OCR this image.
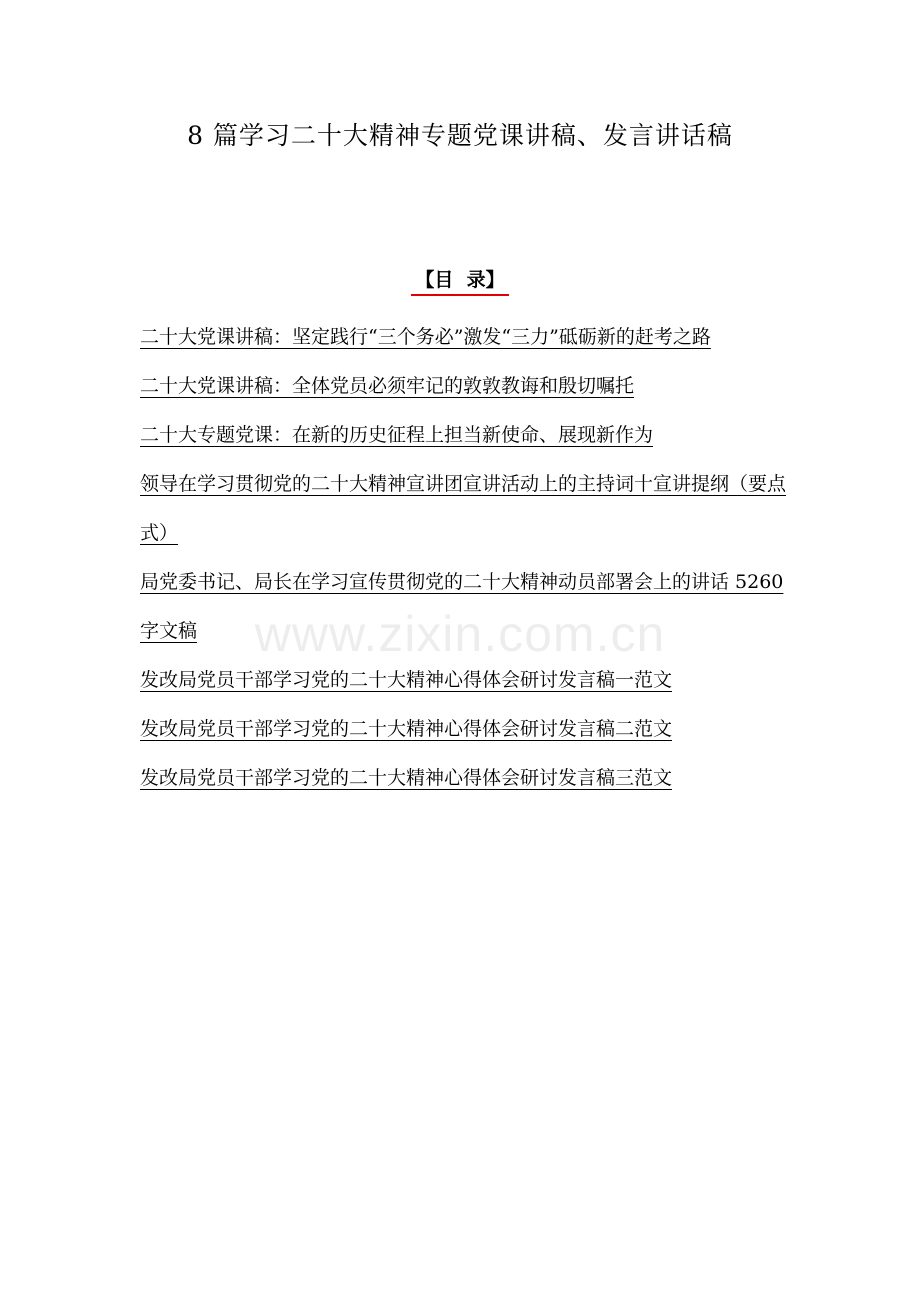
www.zixin.com.cn
8 篇学习二十大精神专题党课讲稿、发言讲话稿
【目  录】
二十大党课讲稿：坚定践行“三个务必”激发“三力”砥砺新的赶考之路
二十大党课讲稿：全体党员必须牢记的敦敦教诲和殷切嘱托
二十大专题党课：在新的历史征程上担当新使命、展现新作为
领导在学习贯彻党的二十大精神宣讲团宣讲活动上的主持词十宣讲提纲（要点式）
局党委书记、局长在学习宣传贯彻党的二十大精神动员部署会上的讲话 5260 字文稿
发改局党员干部学习党的二十大精神心得体会研讨发言稿一范文
发改局党员干部学习党的二十大精神心得体会研讨发言稿二范文
发改局党员干部学习党的二十大精神心得体会研讨发言稿三范文
